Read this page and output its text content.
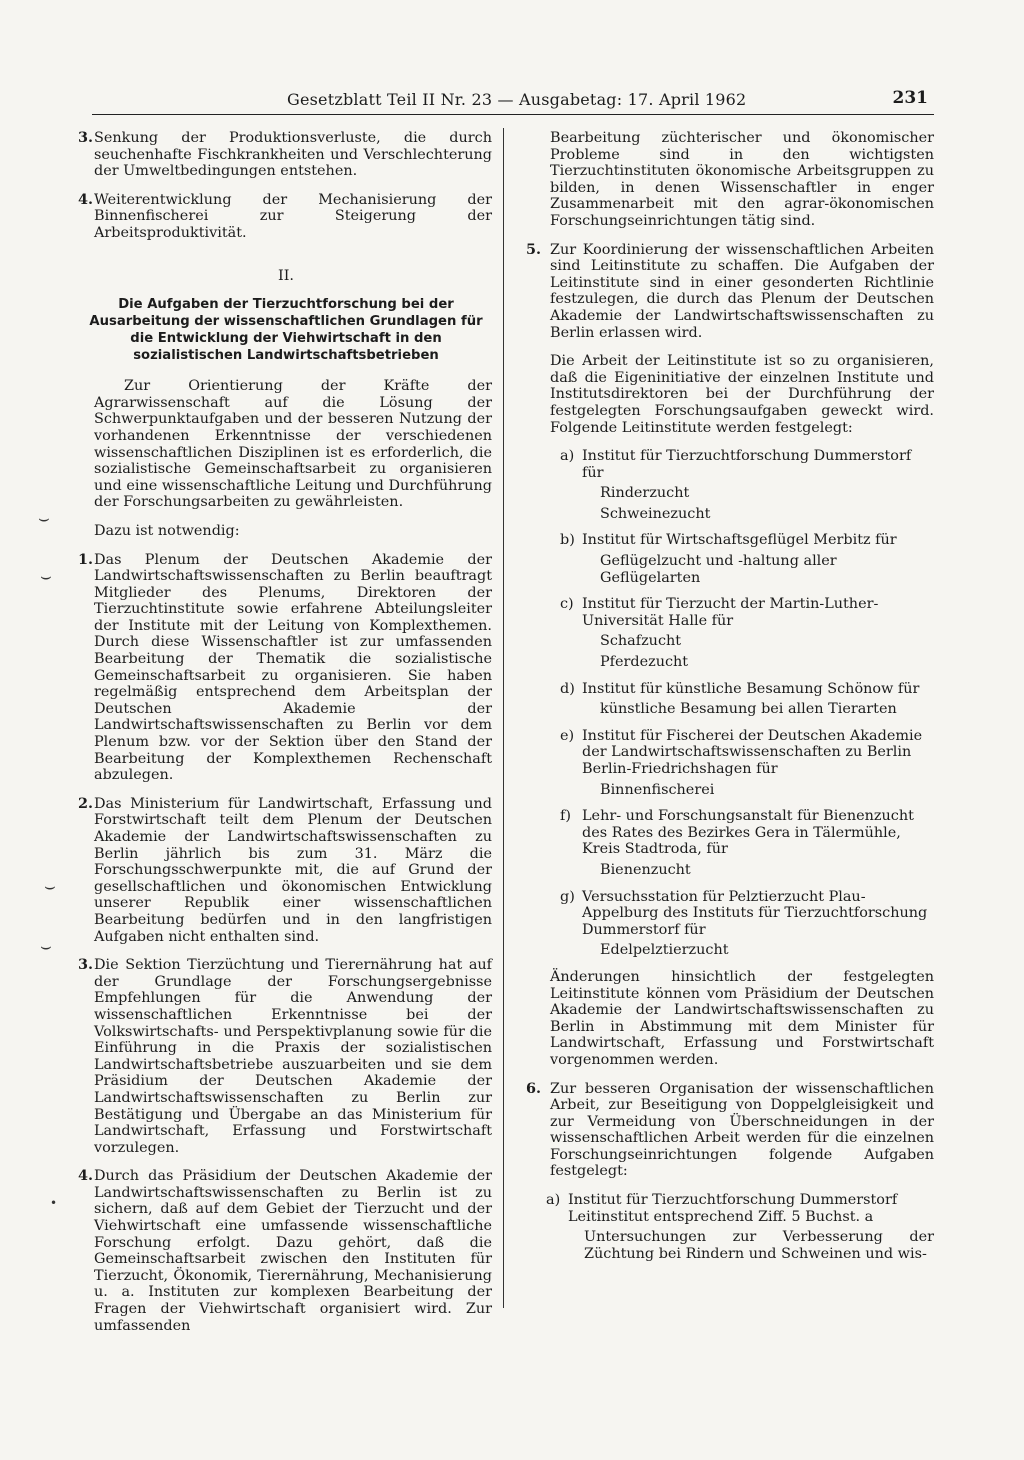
Gesetzblatt Teil II Nr. 23 — Ausgabetag: 17. April 1962	231
⌣
⌣
⌣
⌣
•
3. Senkung der Produktionsverluste, die durch seuchenhafte Fischkrankheiten und Verschlechterung der Umweltbedingungen entstehen.
4. Weiterentwicklung der Mechanisierung der Binnenfischerei zur Steigerung der Arbeitsproduktivität.
II.
Die Aufgaben der Tierzuchtforschung bei der Ausarbeitung der wissenschaftlichen Grundlagen für die Entwicklung der Viehwirtschaft in den sozialistischen Landwirtschaftsbetrieben

Zur Orientierung der Kräfte der Agrarwissenschaft auf die Lösung der Schwerpunktaufgaben und der besseren Nutzung der vorhandenen Erkenntnisse der verschiedenen wissenschaftlichen Disziplinen ist es erforderlich, die sozialistische Gemeinschaftsarbeit zu organisieren und eine wissenschaftliche Leitung und Durchführung der Forschungsarbeiten zu gewährleisten.

Dazu ist notwendig:

1. Das Plenum der Deutschen Akademie der Landwirtschaftswissenschaften zu Berlin beauftragt Mitglieder des Plenums, Direktoren der Tierzuchtinstitute sowie erfahrene Abteilungsleiter der Institute mit der Leitung von Komplexthemen. Durch diese Wissenschaftler ist zur umfassenden Bearbeitung der Thematik die sozialistische Gemeinschaftsarbeit zu organisieren. Sie haben regelmäßig entsprechend dem Arbeitsplan der Deutschen Akademie der Landwirtschaftswissenschaften zu Berlin vor dem Plenum bzw. vor der Sektion über den Stand der Bearbeitung der Komplexthemen Rechenschaft abzulegen.
2. Das Ministerium für Landwirtschaft, Erfassung und Forstwirtschaft teilt dem Plenum der Deutschen Akademie der Landwirtschaftswissenschaften zu Berlin jährlich bis zum 31. März die Forschungsschwerpunkte mit, die auf Grund der gesellschaftlichen und ökonomischen Entwicklung unserer Republik einer wissenschaftlichen Bearbeitung bedürfen und in den langfristigen Aufgaben nicht enthalten sind.
3. Die Sektion Tierzüchtung und Tierernährung hat auf der Grundlage der Forschungsergebnisse Empfehlungen für die Anwendung der wissenschaftlichen Erkenntnisse bei der Volkswirtschafts- und Perspektivplanung sowie für die Einführung in die Praxis der sozialistischen Landwirtschaftsbetriebe auszuarbeiten und sie dem Präsidium der Deutschen Akademie der Landwirtschaftswissenschaften zu Berlin zur Bestätigung und Übergabe an das Ministerium für Landwirtschaft, Erfassung und Forstwirtschaft vorzulegen.
4. Durch das Präsidium der Deutschen Akademie der Landwirtschaftswissenschaften zu Berlin ist zu sichern, daß auf dem Gebiet der Tierzucht und der Viehwirtschaft eine umfassende wissenschaftliche Forschung erfolgt. Dazu gehört, daß die Gemeinschaftsarbeit zwischen den Instituten für Tierzucht, Ökonomik, Tierernährung, Mechanisierung u. a. Instituten zur komplexen Bearbeitung der Fragen der Viehwirtschaft organisiert wird. Zur umfassenden

Bearbeitung züchterischer und ökonomischer Probleme sind in den wichtigsten Tierzuchtinstituten ökonomische Arbeitsgruppen zu bilden, in denen Wissenschaftler in enger Zusammenarbeit mit den agrar-ökonomischen Forschungseinrichtungen tätig sind.

5. Zur Koordinierung der wissenschaftlichen Arbeiten sind Leitinstitute zu schaffen. Die Aufgaben der Leitinstitute sind in einer gesonderten Richtlinie festzulegen, die durch das Plenum der Deutschen Akademie der Landwirtschaftswissenschaften zu Berlin erlassen wird.

Die Arbeit der Leitinstitute ist so zu organisieren, daß die Eigeninitiative der einzelnen Institute und Institutsdirektoren bei der Durchführung der festgelegten Forschungsaufgaben geweckt wird. Folgende Leitinstitute werden festgelegt:

a) Institut für Tierzuchtforschung Dummerstorf für
Rinderzucht
Schweinezucht
b) Institut für Wirtschaftsgeflügel Merbitz für
Geflügelzucht und -haltung aller Geflügelarten
c) Institut für Tierzucht der Martin-Luther-Universität Halle für
Schafzucht
Pferdezucht
d) Institut für künstliche Besamung Schönow für
künstliche Besamung bei allen Tierarten
e) Institut für Fischerei der Deutschen Akademie der Landwirtschaftswissenschaften zu Berlin Berlin-Friedrichshagen für
Binnenfischerei
f) Lehr- und Forschungsanstalt für Bienenzucht des Rates des Bezirkes Gera in Tälermühle, Kreis Stadtroda, für
Bienenzucht
g) Versuchsstation für Pelztierzucht Plau-Appelburg des Instituts für Tierzuchtforschung Dummerstorf für
Edelpelztierzucht

Änderungen hinsichtlich der festgelegten Leitinstitute können vom Präsidium der Deutschen Akademie der Landwirtschaftswissenschaften zu Berlin in Abstimmung mit dem Minister für Landwirtschaft, Erfassung und Forstwirtschaft vorgenommen werden.

6. Zur besseren Organisation der wissenschaftlichen Arbeit, zur Beseitigung von Doppelgleisigkeit und zur Vermeidung von Überschneidungen in der wissenschaftlichen Arbeit werden für die einzelnen Forschungseinrichtungen folgende Aufgaben festgelegt:
a) Institut für Tierzuchtforschung Dummerstorf Leitinstitut entsprechend Ziff. 5 Buchst. a
Untersuchungen zur Verbesserung der Züchtung bei Rindern und Schweinen und wis-
